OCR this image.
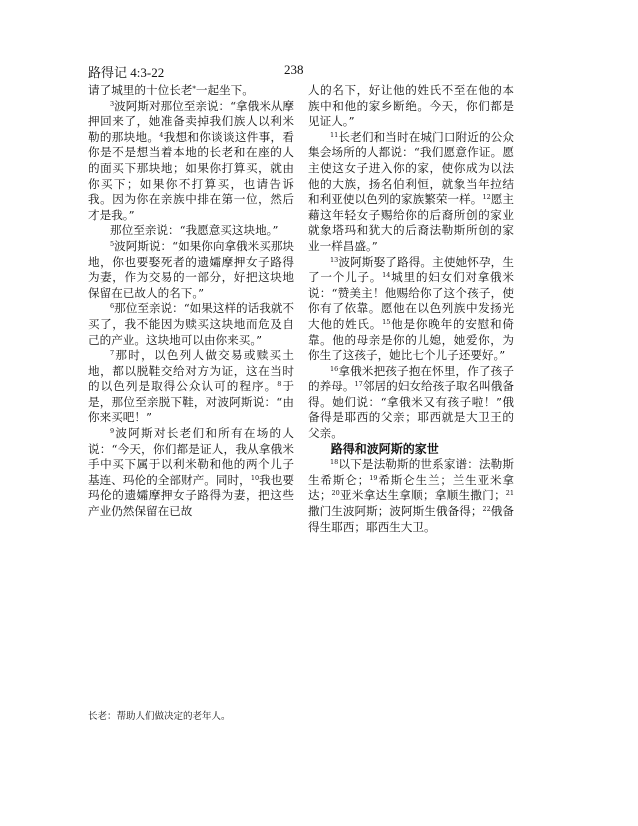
路得记 4:3-22	238

请了城里的十位长老*一起坐下。

$^3$波阿斯对那位至亲说：“拿俄米从摩押回来了，她准备卖掉我们族人以利米勒的那块地。$^4$我想和你谈谈这件事，看你是不是想当着本地的长老和在座的人的面买下那块地；如果你打算买，就由你买下；如果你不打算买，也请告诉我。因为你在亲族中排在第一位，然后才是我。”

那位至亲说：“我愿意买这块地。”

$^5$波阿斯说：“如果你向拿俄米买那块地，你也要娶死者的遗孀摩押女子路得为妻，作为交易的一部分，好把这块地保留在已故人的名下。”

$^6$那位至亲说：“如果这样的话我就不买了，我不能因为赎买这块地而危及自己的产业。这块地可以由你来买。”

$^7$那时，以色列人做交易或赎买土地，都以脱鞋交给对方为证，这在当时的以色列是取得公众认可的程序。$^8$于是，那位至亲脱下鞋，对波阿斯说：“由你来买吧！”

$^9$波阿斯对长老们和所有在场的人说：“今天，你们都是证人，我从拿俄米手中买下属于以利米勒和他的两个儿子基连、玛伦的全部财产。同时，$^{10}$我也要玛伦的遗孀摩押女子路得为妻，把这些产业仍然保留在已故

人的名下，好让他的姓氏不至在他的本族中和他的家乡断绝。今天，你们都是见证人。”

$^{11}$长老们和当时在城门口附近的公众集会场所的人都说：“我们愿意作证。愿主使这女子进入你的家，使你成为以法他的大族，扬名伯利恒，就象当年拉结和利亚使以色列的家族繁荣一样。$^{12}$愿主藉这年轻女子赐给你的后裔所创的家业就象塔玛和犹大的后裔法勒斯所创的家业一样昌盛。”

$^{13}$波阿斯娶了路得。主使她怀孕，生了一个儿子。$^{14}$城里的妇女们对拿俄米说：“赞美主！他赐给你了这个孩子，使你有了依靠。愿他在以色列族中发扬光大他的姓氏。$^{15}$他是你晚年的安慰和倚靠。他的母亲是你的儿媳，她爱你，为你生了这孩子，她比七个儿子还要好。”

$^{16}$拿俄米把孩子抱在怀里，作了孩子的养母。$^{17}$邻居的妇女给孩子取名叫俄备得。她们说：“拿俄米又有孩子啦！”俄备得是耶西的父亲；耶西就是大卫王的父亲。

路得和波阿斯的家世

$^{18}$以下是法勒斯的世系家谱：法勒斯生希斯仑；$^{19}$希斯仑生兰；兰生亚米拿达；$^{20}$亚米拿达生拿顺；拿顺生撒门；$^{21}$撒门生波阿斯；波阿斯生俄备得；$^{22}$俄备得生耶西；耶西生大卫。

长老：帮助人们做决定的老年人。
